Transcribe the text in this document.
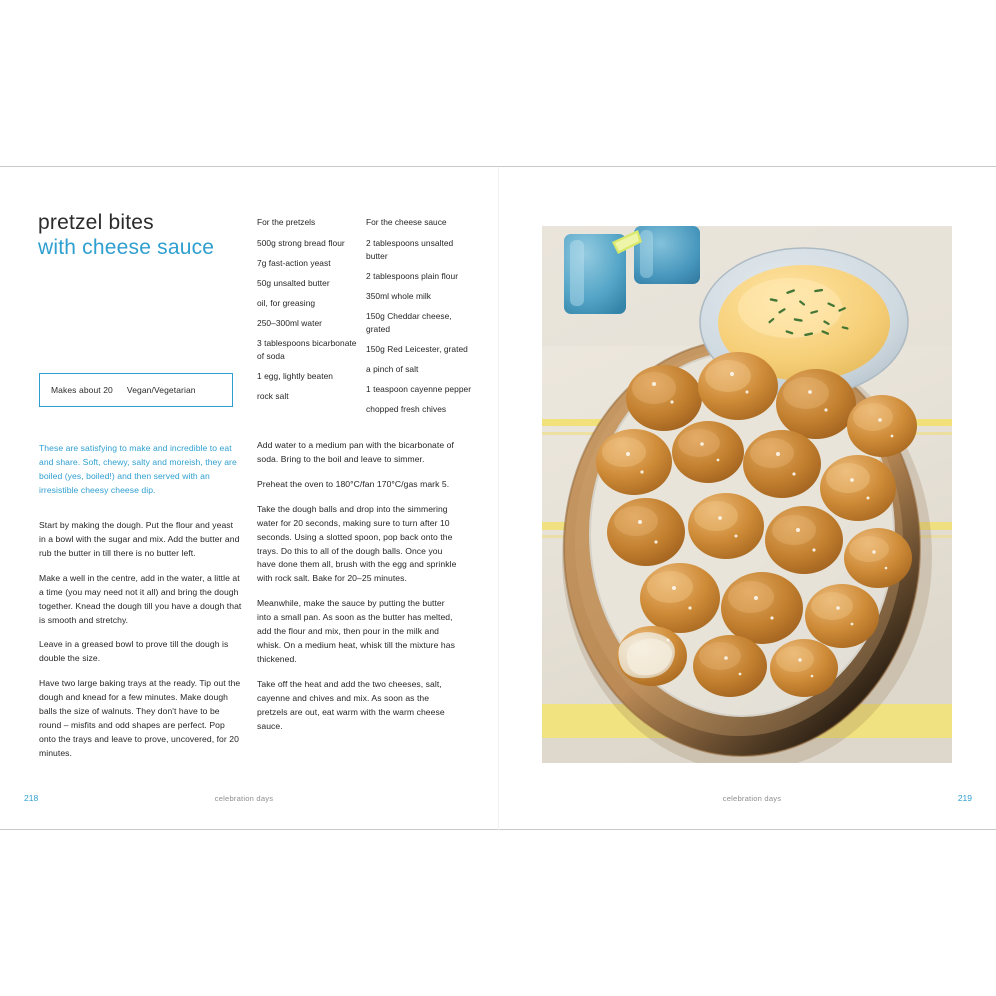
pretzel bites
with cheese sauce
Makes about 20	Vegan/Vegetarian
These are satisfying to make and incredible to eat and share. Soft, chewy, salty and moreish, they are boiled (yes, boiled!) and then served with an irresistible cheesy cheese dip.

Start by making the dough. Put the flour and yeast in a bowl with the sugar and mix. Add the butter and rub the butter in till there is no butter left.

Make a well in the centre, add in the water, a little at a time (you may need not it all) and bring the dough together. Knead the dough till you have a dough that is smooth and stretchy.

Leave in a greased bowl to prove till the dough is double the size.

Have two large baking trays at the ready. Tip out the dough and knead for a few minutes. Make dough balls the size of walnuts. They don't have to be round – misfits and odd shapes are perfect. Pop onto the trays and leave to prove, uncovered, for 20 minutes.

For the pretzels
500g strong bread flour
7g fast-action yeast
50g unsalted butter
oil, for greasing
250–300ml water
3 tablespoons bicarbonate of soda
1 egg, lightly beaten
rock salt
For the cheese sauce
2 tablespoons unsalted butter
2 tablespoons plain flour
350ml whole milk
150g Cheddar cheese, grated
150g Red Leicester, grated
a pinch of salt
1 teaspoon cayenne pepper
chopped fresh chives

Add water to a medium pan with the bicarbonate of soda. Bring to the boil and leave to simmer.

Preheat the oven to 180°C/fan 170°C/gas mark 5.

Take the dough balls and drop into the simmering water for 20 seconds, making sure to turn after 10 seconds. Using a slotted spoon, pop back onto the trays. Do this to all of the dough balls. Once you have done them all, brush with the egg and sprinkle with rock salt. Bake for 20–25 minutes.

Meanwhile, make the sauce by putting the butter into a small pan. As soon as the butter has melted, add the flour and mix, then pour in the milk and whisk. On a medium heat, whisk till the mixture has thickened.

Take off the heat and add the two cheeses, salt, cayenne and chives and mix. As soon as the pretzels are out, eat warm with the warm cheese sauce.

218	celebration days	219
celebration days
